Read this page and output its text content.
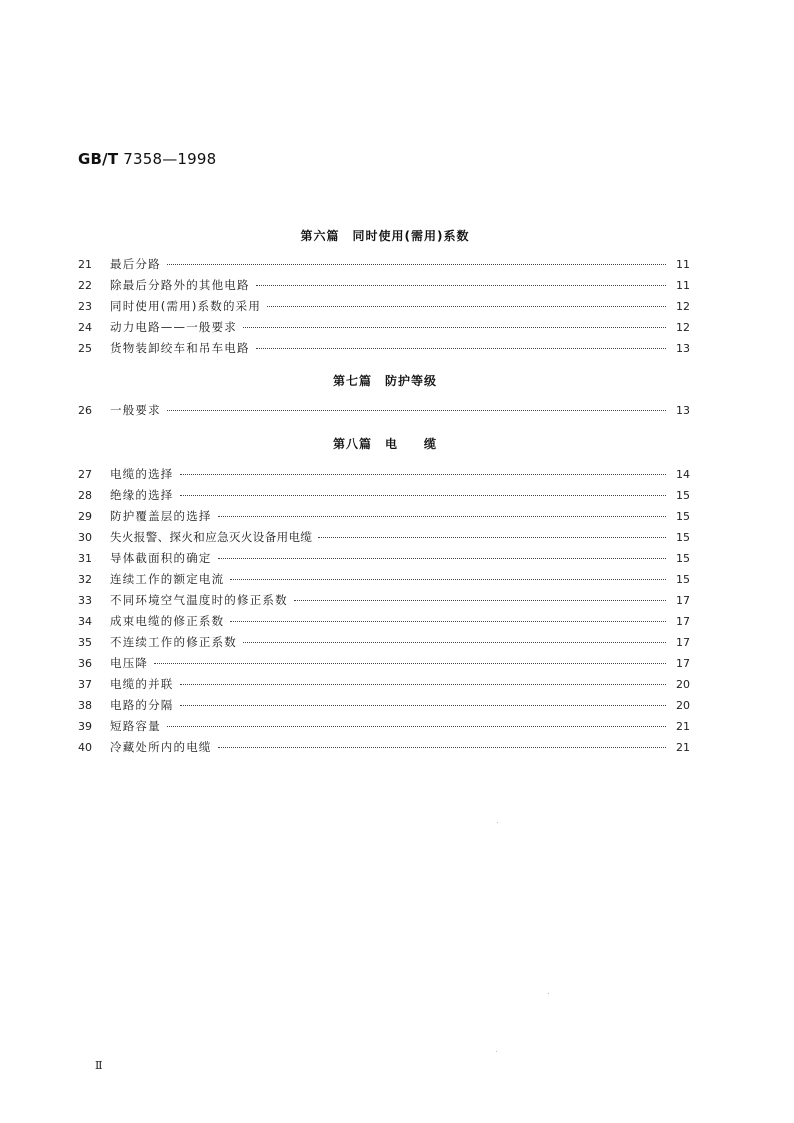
GB/T 7358—1998
第六篇　同时使用(需用)系数
21	最后分路	11
22	除最后分路外的其他电路	11
23	同时使用(需用)系数的采用	12
24	动力电路——一般要求	12
25	货物装卸绞车和吊车电路	13
第七篇　防护等级
26	一般要求	13
第八篇　电　　缆
27	电缆的选择	14
28	绝缘的选择	15
29	防护覆盖层的选择	15
30	失火报警、探火和应急灭火设备用电缆	15
31	导体截面积的确定	15
32	连续工作的额定电流	15
33	不同环境空气温度时的修正系数	17
34	成束电缆的修正系数	17
35	不连续工作的修正系数	17
36	电压降	17
37	电缆的并联	20
38	电路的分隔	20
39	短路容量	21
40	冷藏处所内的电缆	21
Ⅱ
